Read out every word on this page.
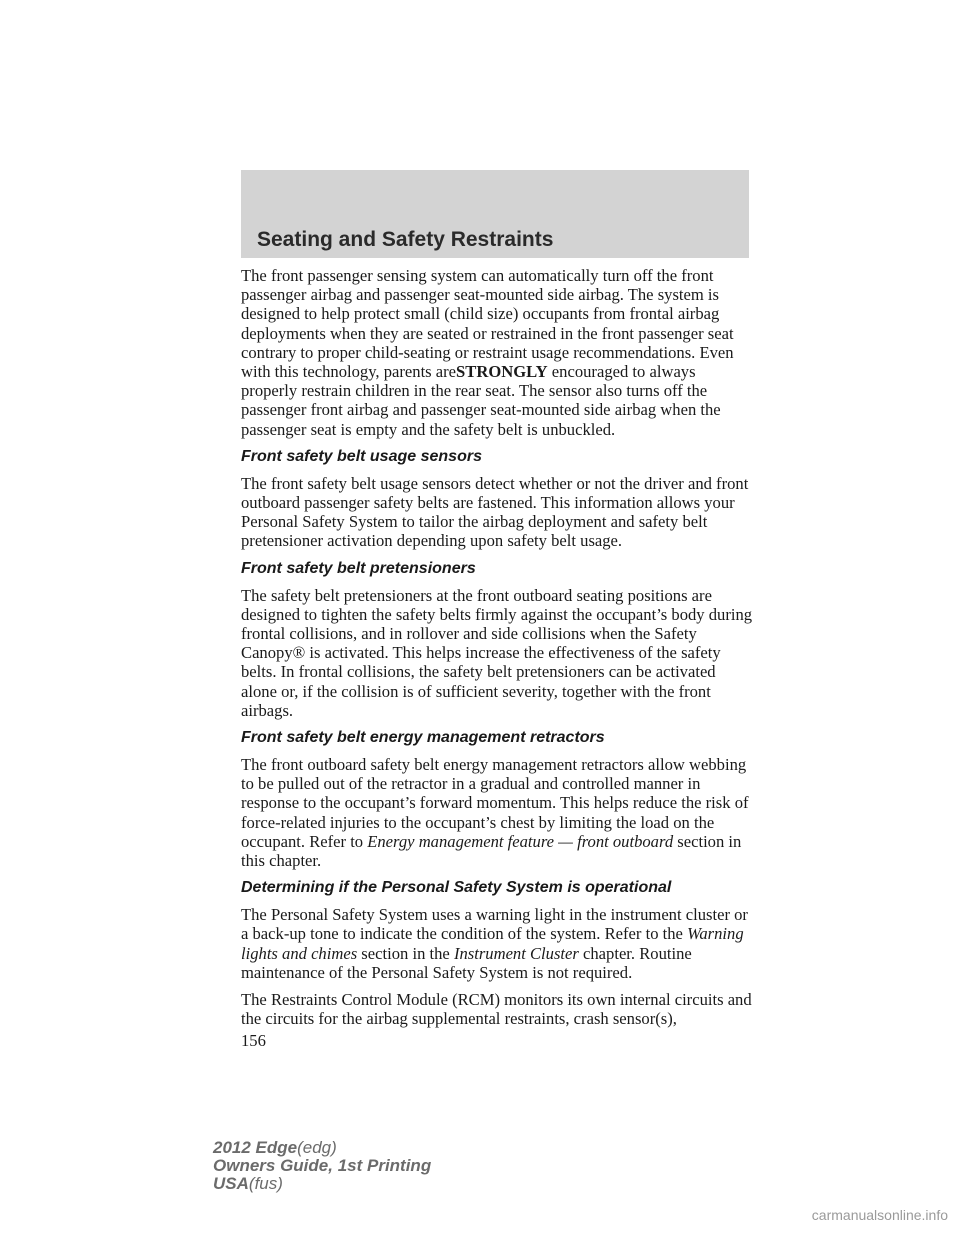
Seating and Safety Restraints

The front passenger sensing system can automatically turn off the front passenger airbag and passenger seat-mounted side airbag. The system is designed to help protect small (child size) occupants from frontal airbag deployments when they are seated or restrained in the front passenger seat contrary to proper child-seating or restraint usage recommendations. Even with this technology, parents areSTRONGLY encouraged to always properly restrain children in the rear seat. The sensor also turns off the passenger front airbag and passenger seat-mounted side airbag when the passenger seat is empty and the safety belt is unbuckled.

Front safety belt usage sensors

The front safety belt usage sensors detect whether or not the driver and front outboard passenger safety belts are fastened. This information allows your Personal Safety System to tailor the airbag deployment and safety belt pretensioner activation depending upon safety belt usage.

Front safety belt pretensioners

The safety belt pretensioners at the front outboard seating positions are designed to tighten the safety belts firmly against the occupant’s body during frontal collisions, and in rollover and side collisions when the Safety Canopy® is activated. This helps increase the effectiveness of the safety belts. In frontal collisions, the safety belt pretensioners can be activated alone or, if the collision is of sufficient severity, together with the front airbags.

Front safety belt energy management retractors

The front outboard safety belt energy management retractors allow webbing to be pulled out of the retractor in a gradual and controlled manner in response to the occupant’s forward momentum. This helps reduce the risk of force-related injuries to the occupant’s chest by limiting the load on the occupant. Refer to Energy management feature — front outboard section in this chapter.

Determining if the Personal Safety System is operational

The Personal Safety System uses a warning light in the instrument cluster or a back-up tone to indicate the condition of the system. Refer to the Warning lights and chimes section in the Instrument Cluster chapter. Routine maintenance of the Personal Safety System is not required.

The Restraints Control Module (RCM) monitors its own internal circuits and the circuits for the airbag supplemental restraints, crash sensor(s),

156
2012 Edge(edg)
Owners Guide, 1st Printing
USA(fus)
carmanualsonline.info
